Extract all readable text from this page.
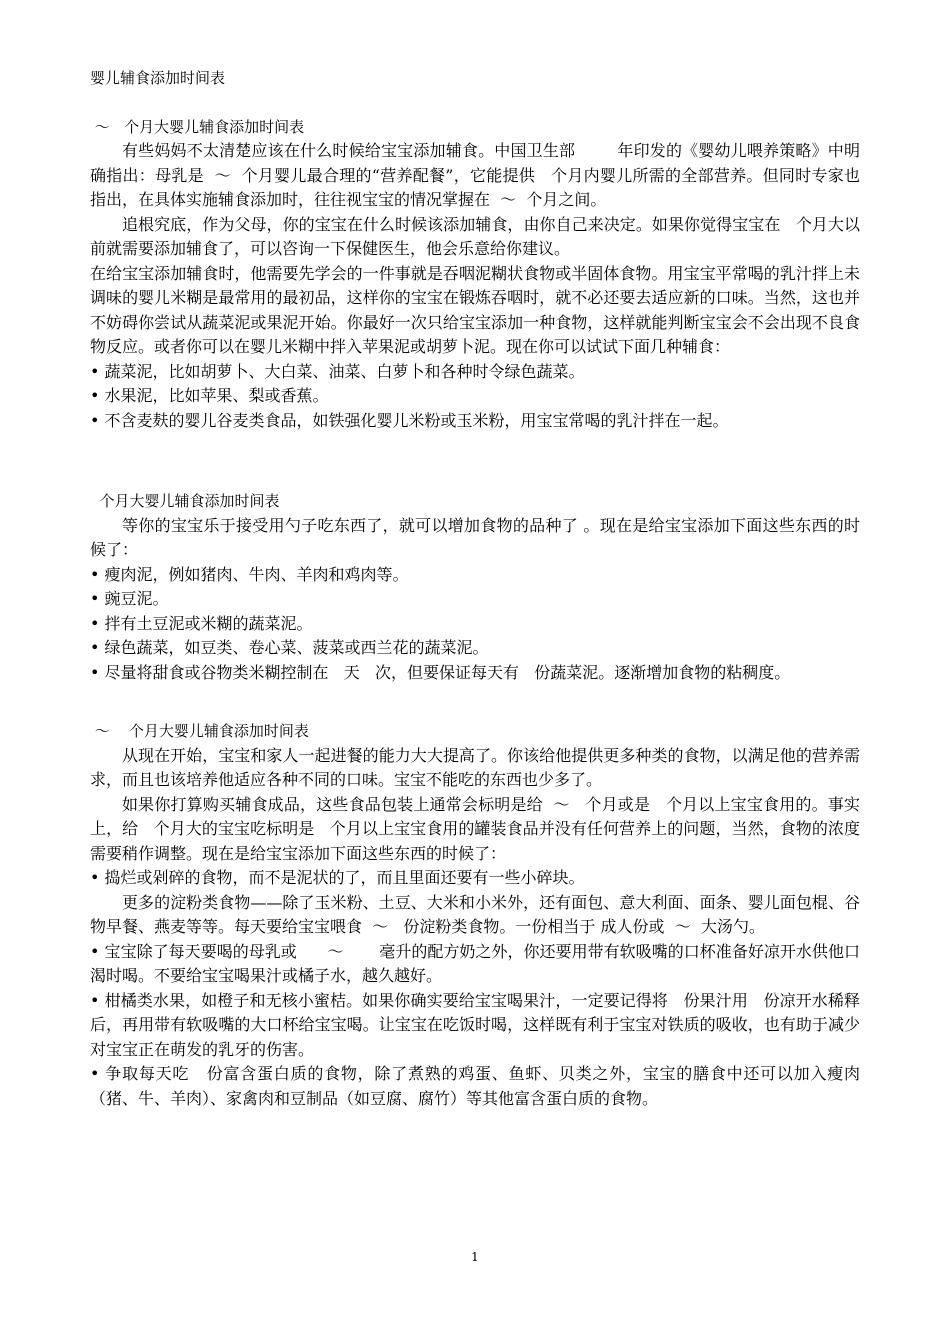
婴儿辅食添加时间表
～   个月大婴儿辅食添加时间表

有些妈妈不太清楚应该在什么时候给宝宝添加辅食。中国卫生部        年印发的《婴幼儿喂养策略》中明确指出：母乳是  ～  个月婴儿最合理的“营养配餐”，它能提供   个月内婴儿所需的全部营养。但同时专家也指出，在具体实施辅食添加时，往往视宝宝的情况掌握在  ～  个月之间。

追根究底，作为父母，你的宝宝在什么时候该添加辅食，由你自己来决定。如果你觉得宝宝在   个月大以前就需要添加辅食了，可以咨询一下保健医生，他会乐意给你建议。

在给宝宝添加辅食时，他需要先学会的一件事就是吞咽泥糊状食物或半固体食物。用宝宝平常喝的乳汁拌上未调味的婴儿米糊是最常用的最初品，这样你的宝宝在锻炼吞咽时，就不必还要去适应新的口味。当然，这也并不妨碍你尝试从蔬菜泥或果泥开始。你最好一次只给宝宝添加一种食物，这样就能判断宝宝会不会出现不良食物反应。或者你可以在婴儿米糊中拌入苹果泥或胡萝卜泥。现在你可以试试下面几种辅食：

• 蔬菜泥，比如胡萝卜、大白菜、油菜、白萝卜和各种时令绿色蔬菜。

• 水果泥，比如苹果、梨或香蕉。

• 不含麦麸的婴儿谷麦类食品，如铁强化婴儿米粉或玉米粉，用宝宝常喝的乳汁拌在一起。

个月大婴儿辅食添加时间表

等你的宝宝乐于接受用勺子吃东西了，就可以增加食物的品种了 。现在是给宝宝添加下面这些东西的时候了：

• 瘦肉泥，例如猪肉、牛肉、羊肉和鸡肉等。

• 豌豆泥。

• 拌有土豆泥或米糊的蔬菜泥。

• 绿色蔬菜，如豆类、卷心菜、菠菜或西兰花的蔬菜泥。

• 尽量将甜食或谷物类米糊控制在   天   次，但要保证每天有   份蔬菜泥。逐渐增加食物的粘稠度。

～    个月大婴儿辅食添加时间表

从现在开始，宝宝和家人一起进餐的能力大大提高了。你该给他提供更多种类的食物，以满足他的营养需求，而且也该培养他适应各种不同的口味。宝宝不能吃的东西也少多了。

如果你打算购买辅食成品，这些食品包装上通常会标明是给  ～   个月或是   个月以上宝宝食用的。事实上，给   个月大的宝宝吃标明是   个月以上宝宝食用的罐装食品并没有任何营养上的问题，当然，食物的浓度需要稍作调整。现在是给宝宝添加下面这些东西的时候了：

• 捣烂或剁碎的食物，而不是泥状的了，而且里面还要有一些小碎块。

更多的淀粉类食物——除了玉米粉、土豆、大米和小米外，还有面包、意大利面、面条、婴儿面包棍、谷物早餐、燕麦等等。每天要给宝宝喂食  ～   份淀粉类食物。一份相当于 成人份或  ～  大汤勺。

• 宝宝除了每天要喝的母乳或      ～       毫升的配方奶之外，你还要用带有软吸嘴的口杯准备好凉开水供他口渴时喝。不要给宝宝喝果汁或橘子水，越久越好。

• 柑橘类水果，如橙子和无核小蜜桔。如果你确实要给宝宝喝果汁，一定要记得将   份果汁用   份凉开水稀释后，再用带有软吸嘴的大口杯给宝宝喝。让宝宝在吃饭时喝，这样既有利于宝宝对铁质的吸收，也有助于减少对宝宝正在萌发的乳牙的伤害。

• 争取每天吃   份富含蛋白质的食物，除了煮熟的鸡蛋、鱼虾、贝类之外，宝宝的膳食中还可以加入瘦肉（猪、牛、羊肉）、家禽肉和豆制品（如豆腐、腐竹）等其他富含蛋白质的食物。

1
